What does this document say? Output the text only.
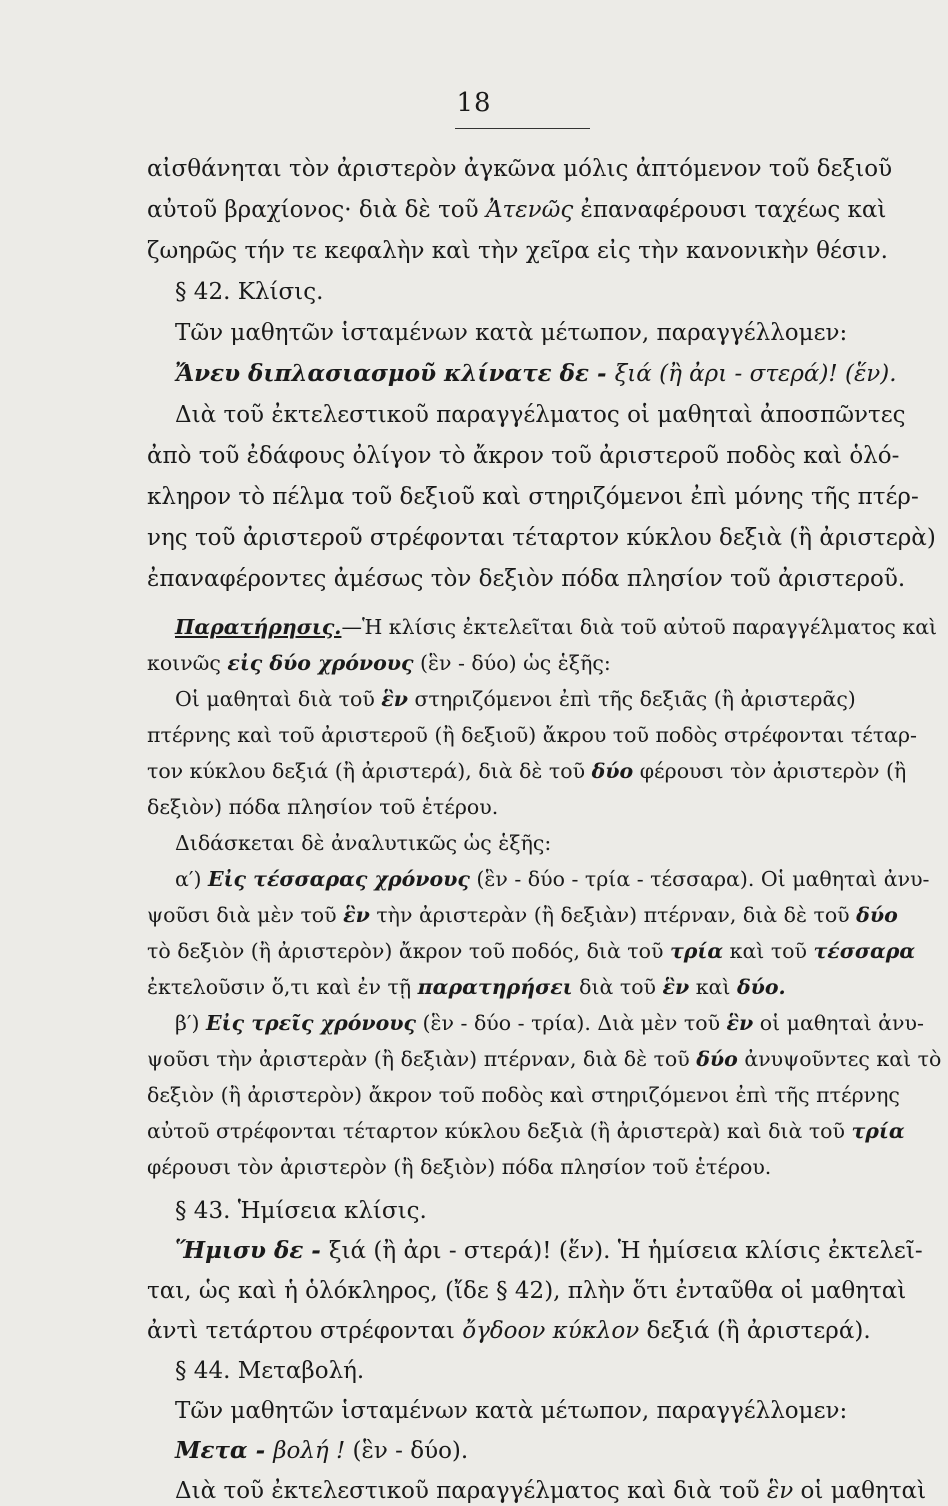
18
αἰσθάνηται τὸν ἀριστερὸν ἀγκῶνα μόλις ἀπτόμενον τοῦ δεξιοῦ
αὐτοῦ βραχίονος· διὰ δὲ τοῦ Ἀτενῶς ἐπαναφέρουσι ταχέως καὶ
ζωηρῶς τήν τε κεφαλὴν καὶ τὴν χεῖρα εἰς τὴν κανονικὴν θέσιν.
§ 42. Κλίσις.
Τῶν μαθητῶν ἱσταμένων κατὰ μέτωπον, παραγγέλλομεν:
Ἄνευ διπλασιασμοῦ κλίνατε δε - ξιά (ἢ ἀρι - στερά)! (ἕν).
Διὰ τοῦ ἐκτελεστικοῦ παραγγέλματος οἱ μαθηταὶ ἀποσπῶντες
ἀπὸ τοῦ ἐδάφους ὀλίγον τὸ ἄκρον τοῦ ἀριστεροῦ ποδὸς καὶ ὁλό-
κληρον τὸ πέλμα τοῦ δεξιοῦ καὶ στηριζόμενοι ἐπὶ μόνης τῆς πτέρ-
νης τοῦ ἀριστεροῦ στρέφονται τέταρτον κύκλου δεξιὰ (ἢ ἀριστερὰ)
ἐπαναφέροντες ἀμέσως τὸν δεξιὸν πόδα πλησίον τοῦ ἀριστεροῦ.
Παρατήρησις.—Ἡ κλίσις ἐκτελεῖται διὰ τοῦ αὐτοῦ παραγγέλματος καὶ
κοινῶς εἰς δύο χρόνους (ἓν - δύο) ὡς ἑξῆς:
Οἱ μαθηταὶ διὰ τοῦ ἓν στηριζόμενοι ἐπὶ τῆς δεξιᾶς (ἢ ἀριστερᾶς)
πτέρνης καὶ τοῦ ἀριστεροῦ (ἢ δεξιοῦ) ἄκρου τοῦ ποδὸς στρέφονται τέταρ-
τον κύκλου δεξιά (ἢ ἀριστερά), διὰ δὲ τοῦ δύο φέρουσι τὸν ἀριστερὸν (ἢ
δεξιὸν) πόδα πλησίον τοῦ ἑτέρου.
Διδάσκεται δὲ ἀναλυτικῶς ὡς ἑξῆς:
α′) Εἰς τέσσαρας χρόνους (ἓν - δύο - τρία - τέσσαρα). Οἱ μαθηταὶ ἀνυ-
ψοῦσι διὰ μὲν τοῦ ἓν τὴν ἀριστερὰν (ἢ δεξιὰν) πτέρναν, διὰ δὲ τοῦ δύο
τὸ δεξιὸν (ἢ ἀριστερὸν) ἄκρον τοῦ ποδός, διὰ τοῦ τρία καὶ τοῦ τέσσαρα
ἐκτελοῦσιν ὅ,τι καὶ ἐν τῇ παρατηρήσει διὰ τοῦ ἓν καὶ δύο.
β′) Εἰς τρεῖς χρόνους (ἓν - δύο - τρία). Διὰ μὲν τοῦ ἓν οἱ μαθηταὶ ἀνυ-
ψοῦσι τὴν ἀριστερὰν (ἢ δεξιὰν) πτέρναν, διὰ δὲ τοῦ δύο ἀνυψοῦντες καὶ τὸ
δεξιὸν (ἢ ἀριστερὸν) ἄκρον τοῦ ποδὸς καὶ στηριζόμενοι ἐπὶ τῆς πτέρνης
αὐτοῦ στρέφονται τέταρτον κύκλου δεξιὰ (ἢ ἀριστερὰ) καὶ διὰ τοῦ τρία
φέρουσι τὸν ἀριστερὸν (ἢ δεξιὸν) πόδα πλησίον τοῦ ἑτέρου.
§ 43. Ἡμίσεια κλίσις.
Ἥμισυ δε - ξιά (ἢ ἀρι - στερά)! (ἕν). Ἡ ἡμίσεια κλίσις ἐκτελεῖ-
ται, ὡς καὶ ἡ ὁλόκληρος, (ἴδε § 42), πλὴν ὅτι ἐνταῦθα οἱ μαθηταὶ
ἀντὶ τετάρτου στρέφονται ὄγδοον κύκλον δεξιά (ἢ ἀριστερά).
§ 44. Μεταβολή.
Τῶν μαθητῶν ἱσταμένων κατὰ μέτωπον, παραγγέλλομεν:
Μετα - βολή ! (ἓν - δύο).
Διὰ τοῦ ἐκτελεστικοῦ παραγγέλματος καὶ διὰ τοῦ ἓν οἱ μαθηταὶ
